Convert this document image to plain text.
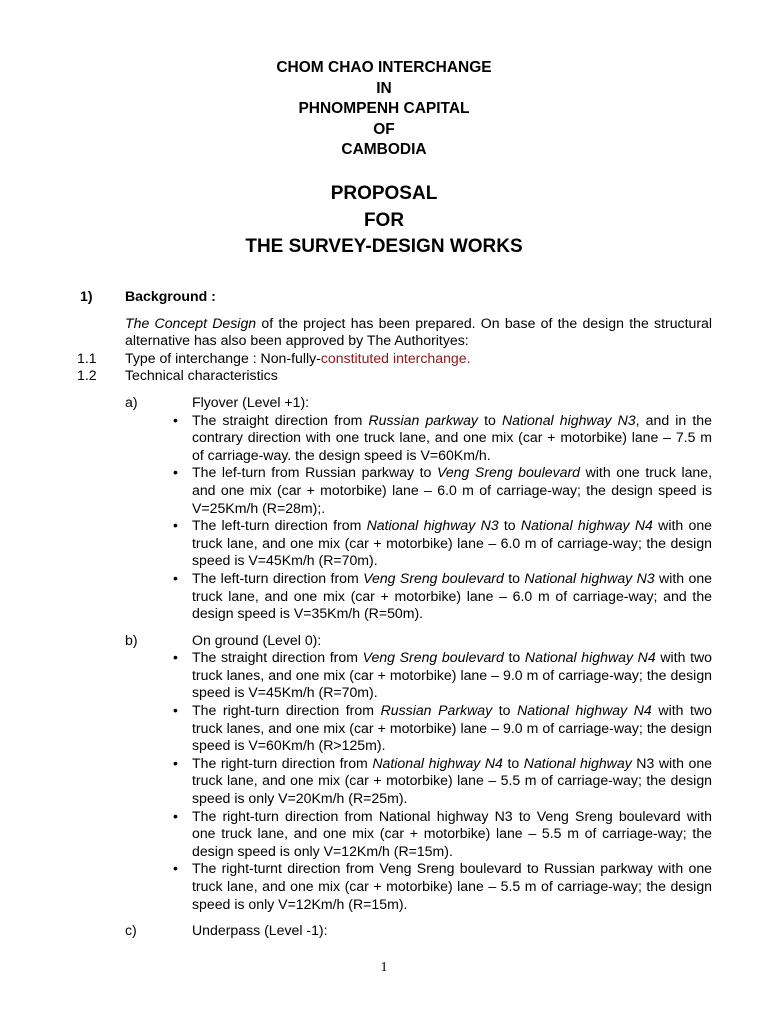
CHOM CHAO INTERCHANGE
IN
PHNOMPENH CAPITAL
OF
CAMBODIA
PROPOSAL
FOR
THE SURVEY-DESIGN WORKS
1) Background :
The Concept Design of the project has been prepared. On base of the design the structural alternative has also been approved by The Authorityes:
1.1 Type of interchange : Non-fully-constituted interchange.
1.2 Technical characteristics
a)	Flyover (Level +1):
• The straight direction from Russian parkway to National highway N3, and in the contrary direction with one truck lane, and one mix (car + motorbike) lane – 7.5 m of carriage-way. the design speed is V=60Km/h.
• The lef-turn from Russian parkway to Veng Sreng boulevard with one truck lane, and one mix (car + motorbike) lane – 6.0 m of carriage-way; the design speed is V=25Km/h (R=28m);.
• The left-turn direction from National highway N3 to National highway N4 with one truck lane, and one mix (car + motorbike) lane – 6.0 m of carriage-way; the design speed is V=45Km/h (R=70m).
• The left-turn direction from Veng Sreng boulevard to National highway N3 with one truck lane, and one mix (car + motorbike) lane – 6.0 m of carriage-way; and the design speed is V=35Km/h (R=50m).
b)	On ground (Level 0):
• The straight direction from Veng Sreng boulevard to National highway N4 with two truck lanes, and one mix (car + motorbike) lane – 9.0 m of carriage-way; the design speed is V=45Km/h (R=70m).
• The right-turn direction from Russian Parkway to National highway N4 with two truck lanes, and one mix (car + motorbike) lane – 9.0 m of carriage-way; the design speed is V=60Km/h (R>125m).
• The right-turn direction from National highway N4 to National highway N3 with one truck lane, and one mix (car + motorbike) lane – 5.5 m of carriage-way; the design speed is only V=20Km/h (R=25m).
• The right-turn direction from National highway N3 to Veng Sreng boulevard with one truck lane, and one mix (car + motorbike) lane – 5.5 m of carriage-way; the design speed is only V=12Km/h (R=15m).
• The right-turnt direction from Veng Sreng boulevard to Russian parkway with one truck lane, and one mix (car + motorbike) lane – 5.5 m of carriage-way; the design speed is only V=12Km/h (R=15m).
c)	Underpass (Level -1):
1
